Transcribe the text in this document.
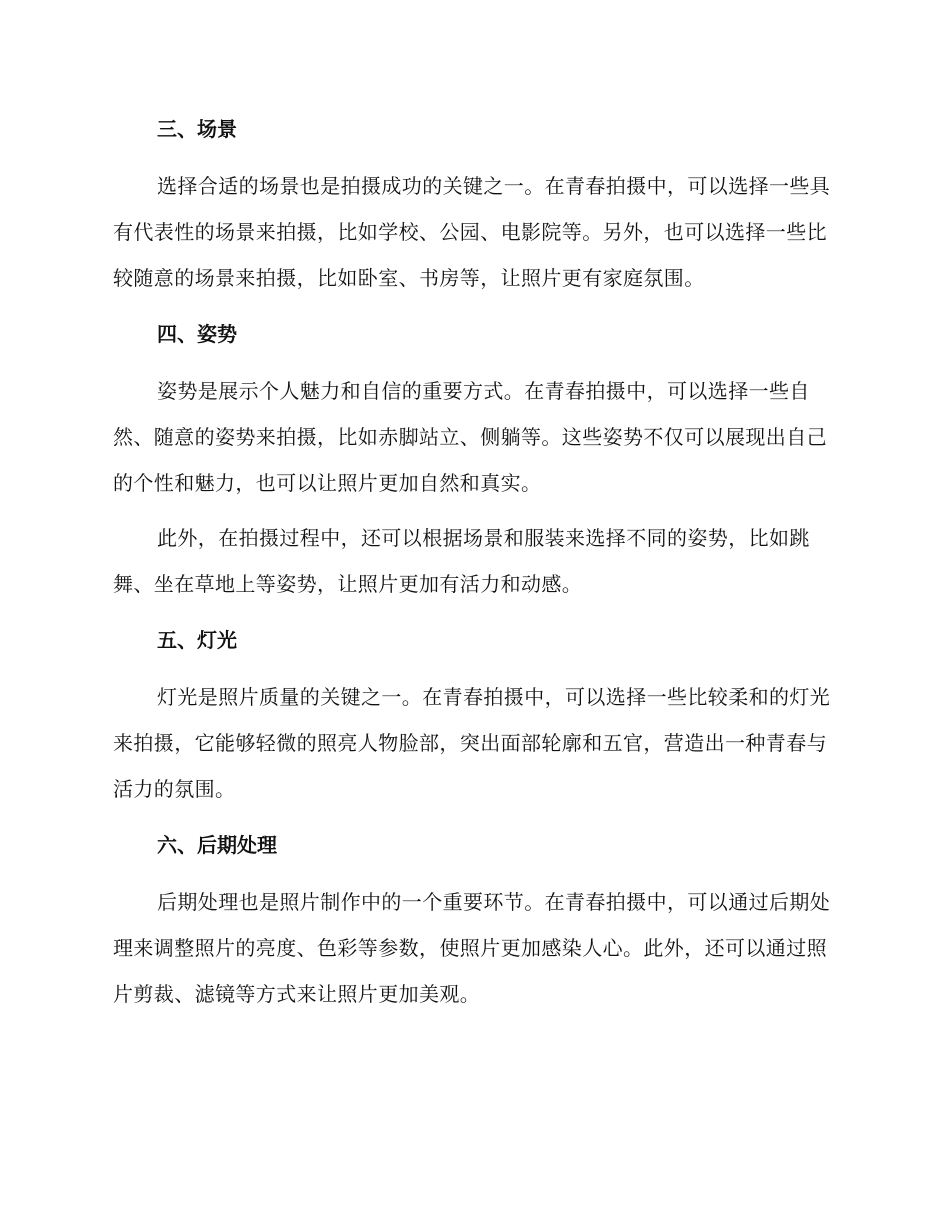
三、场景

选择合适的场景也是拍摄成功的关键之一。在青春拍摄中，可以选择一些具有代表性的场景来拍摄，比如学校、公园、电影院等。另外，也可以选择一些比较随意的场景来拍摄，比如卧室、书房等，让照片更有家庭氛围。

四、姿势

姿势是展示个人魅力和自信的重要方式。在青春拍摄中，可以选择一些自然、随意的姿势来拍摄，比如赤脚站立、侧躺等。这些姿势不仅可以展现出自己的个性和魅力，也可以让照片更加自然和真实。

此外，在拍摄过程中，还可以根据场景和服装来选择不同的姿势，比如跳舞、坐在草地上等姿势，让照片更加有活力和动感。

五、灯光

灯光是照片质量的关键之一。在青春拍摄中，可以选择一些比较柔和的灯光来拍摄，它能够轻微的照亮人物脸部，突出面部轮廓和五官，营造出一种青春与活力的氛围。

六、后期处理

后期处理也是照片制作中的一个重要环节。在青春拍摄中，可以通过后期处理来调整照片的亮度、色彩等参数，使照片更加感染人心。此外，还可以通过照片剪裁、滤镜等方式来让照片更加美观。
